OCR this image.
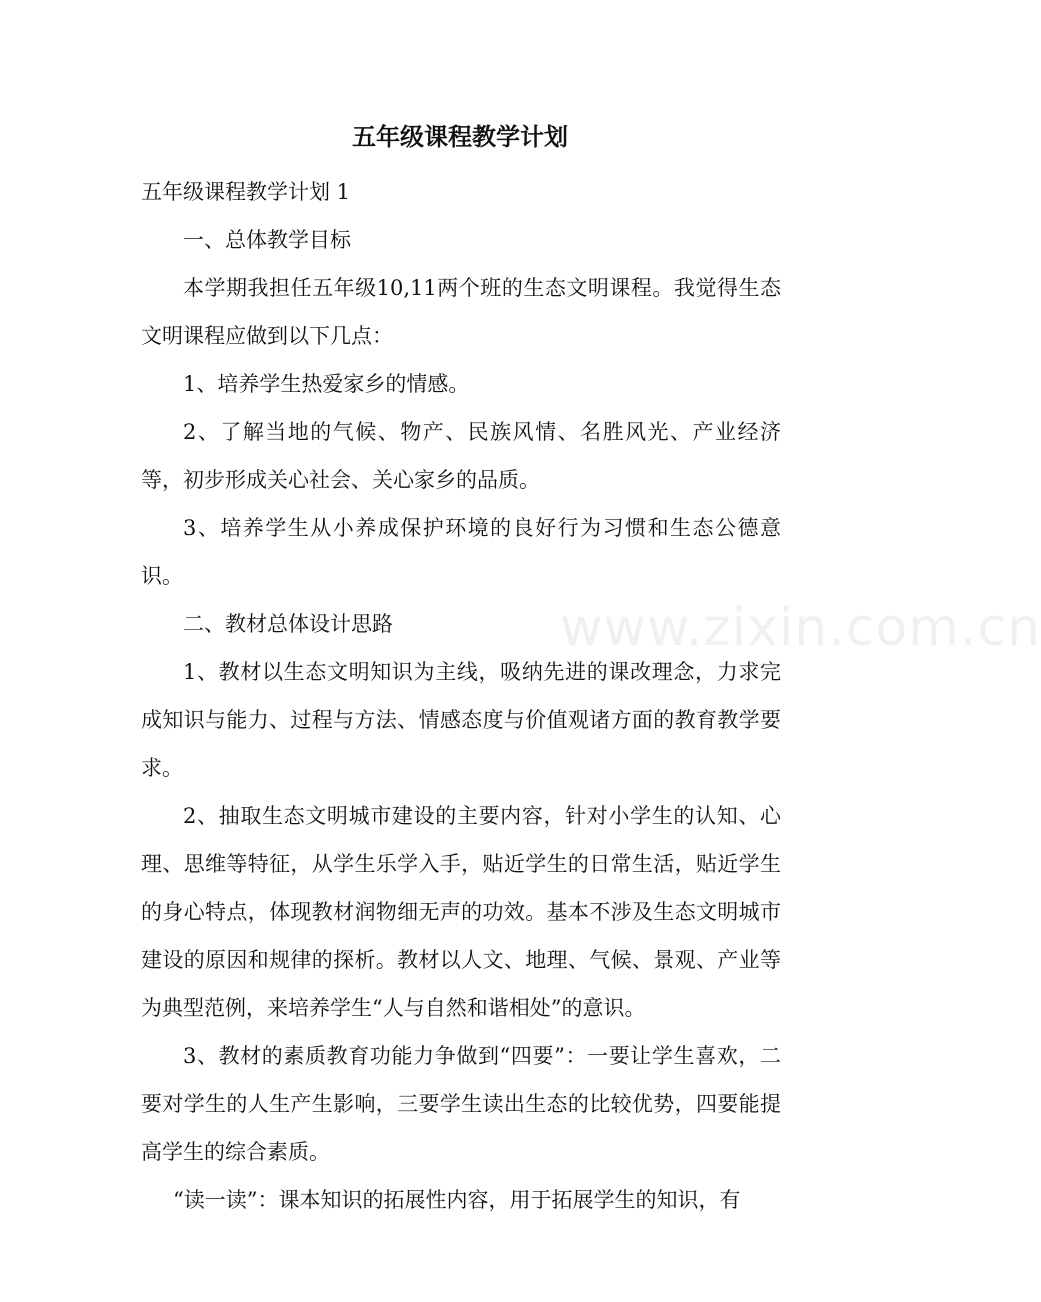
www.zixin.com.cn
五年级课程教学计划

五年级课程教学计划 1

一、总体教学目标

本学期我担任五年级10,11两个班的生态文明课程。我觉得生态文明课程应做到以下几点：

1、培养学生热爱家乡的情感。

2、了解当地的气候、物产、民族风情、名胜风光、产业经济等，初步形成关心社会、关心家乡的品质。

3、培养学生从小养成保护环境的良好行为习惯和生态公德意识。

二、教材总体设计思路

1、教材以生态文明知识为主线，吸纳先进的课改理念，力求完成知识与能力、过程与方法、情感态度与价值观诸方面的教育教学要求。

2、抽取生态文明城市建设的主要内容，针对小学生的认知、心理、思维等特征，从学生乐学入手，贴近学生的日常生活，贴近学生的身心特点，体现教材润物细无声的功效。基本不涉及生态文明城市建设的原因和规律的探析。教材以人文、地理、气候、景观、产业等为典型范例，来培养学生“人与自然和谐相处”的意识。

3、教材的素质教育功能力争做到“四要”：一要让学生喜欢，二要对学生的人生产生影响，三要学生读出生态的比较优势，四要能提高学生的综合素质。

“读一读”：课本知识的拓展性内容，用于拓展学生的知识，有
